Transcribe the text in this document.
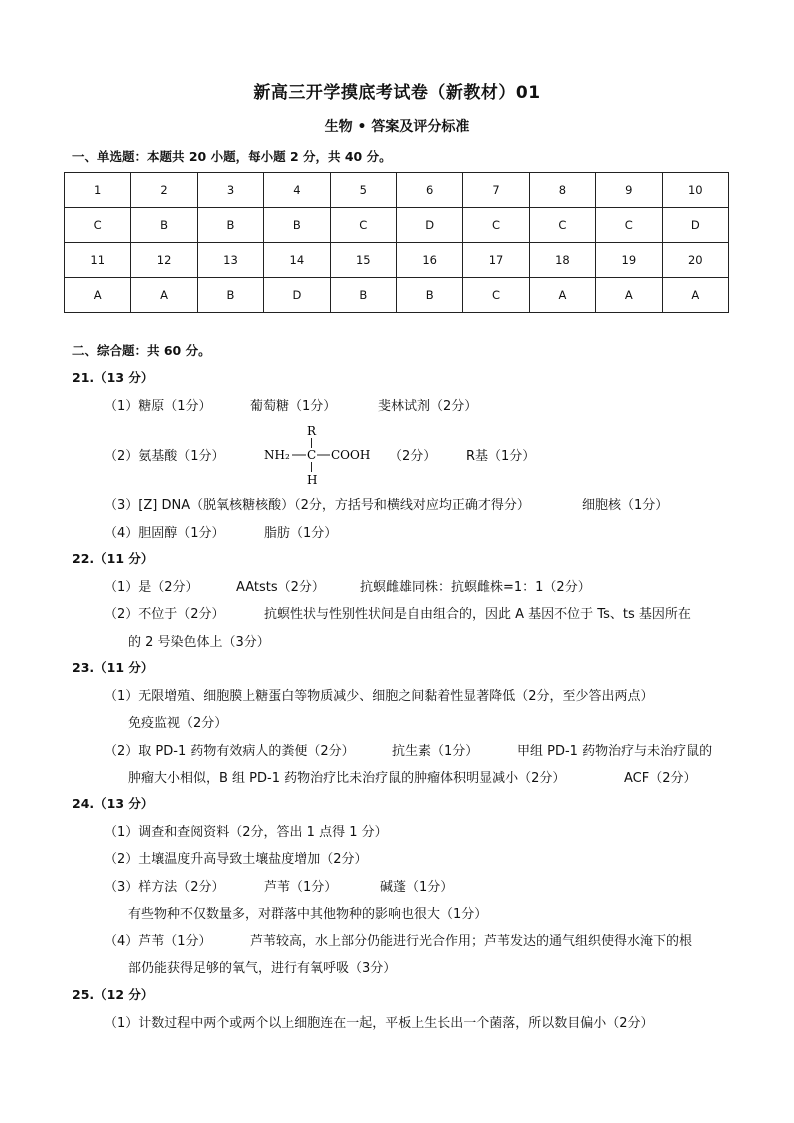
新高三开学摸底考试卷（新教材）01
生物 • 答案及评分标准
一、单选题：本题共 20 小题，每小题 2 分，共 40 分。
1	2	3	4	5	6	7	8	9	10
C	B	B	B	C	D	C	C	C	D
11	12	13	14	15	16	17	18	19	20
A	A	B	D	B	B	C	A	A	A
二、综合题：共 60 分。
21.（13 分）
（1）糖原（1分）	葡萄糖（1分）	斐林试剂（2分）
（2）氨基酸（1分）	（2分） R基（1分）
R
NH₂ C COOH
H
（3）[Z] DNA（脱氧核糖核酸）（2分，方括号和横线对应均正确才得分）	细胞核（1分）
（4）胆固醇（1分）	脂肪（1分）
22.（11 分）
（1）是（2分）	AAtsts（2分）	抗螟雌雄同株：抗螟雌株=1：1（2分）
（2）不位于（2分）	抗螟性状与性别性状间是自由组合的，因此 A 基因不位于 Ts、ts 基因所在
的 2 号染色体上（3分）
23.（11 分）
（1）无限增殖、细胞膜上糖蛋白等物质减少、细胞之间黏着性显著降低（2分，至少答出两点）
免疫监视（2分）
（2）取 PD-1 药物有效病人的粪便（2分）	抗生素（1分）	甲组 PD-1 药物治疗与未治疗鼠的
肿瘤大小相似，B 组 PD-1 药物治疗比未治疗鼠的肿瘤体积明显减小（2分）	ACF（2分）
24.（13 分）
（1）调查和查阅资料（2分，答出 1 点得 1 分）
（2）土壤温度升高导致土壤盐度增加（2分）
（3）样方法（2分）	芦苇（1分）	碱蓬（1分）
有些物种不仅数量多，对群落中其他物种的影响也很大（1分）
（4）芦苇（1分）	芦苇较高，水上部分仍能进行光合作用；芦苇发达的通气组织使得水淹下的根
部仍能获得足够的氧气，进行有氧呼吸（3分）
25.（12 分）
（1）计数过程中两个或两个以上细胞连在一起，平板上生长出一个菌落，所以数目偏小（2分）
